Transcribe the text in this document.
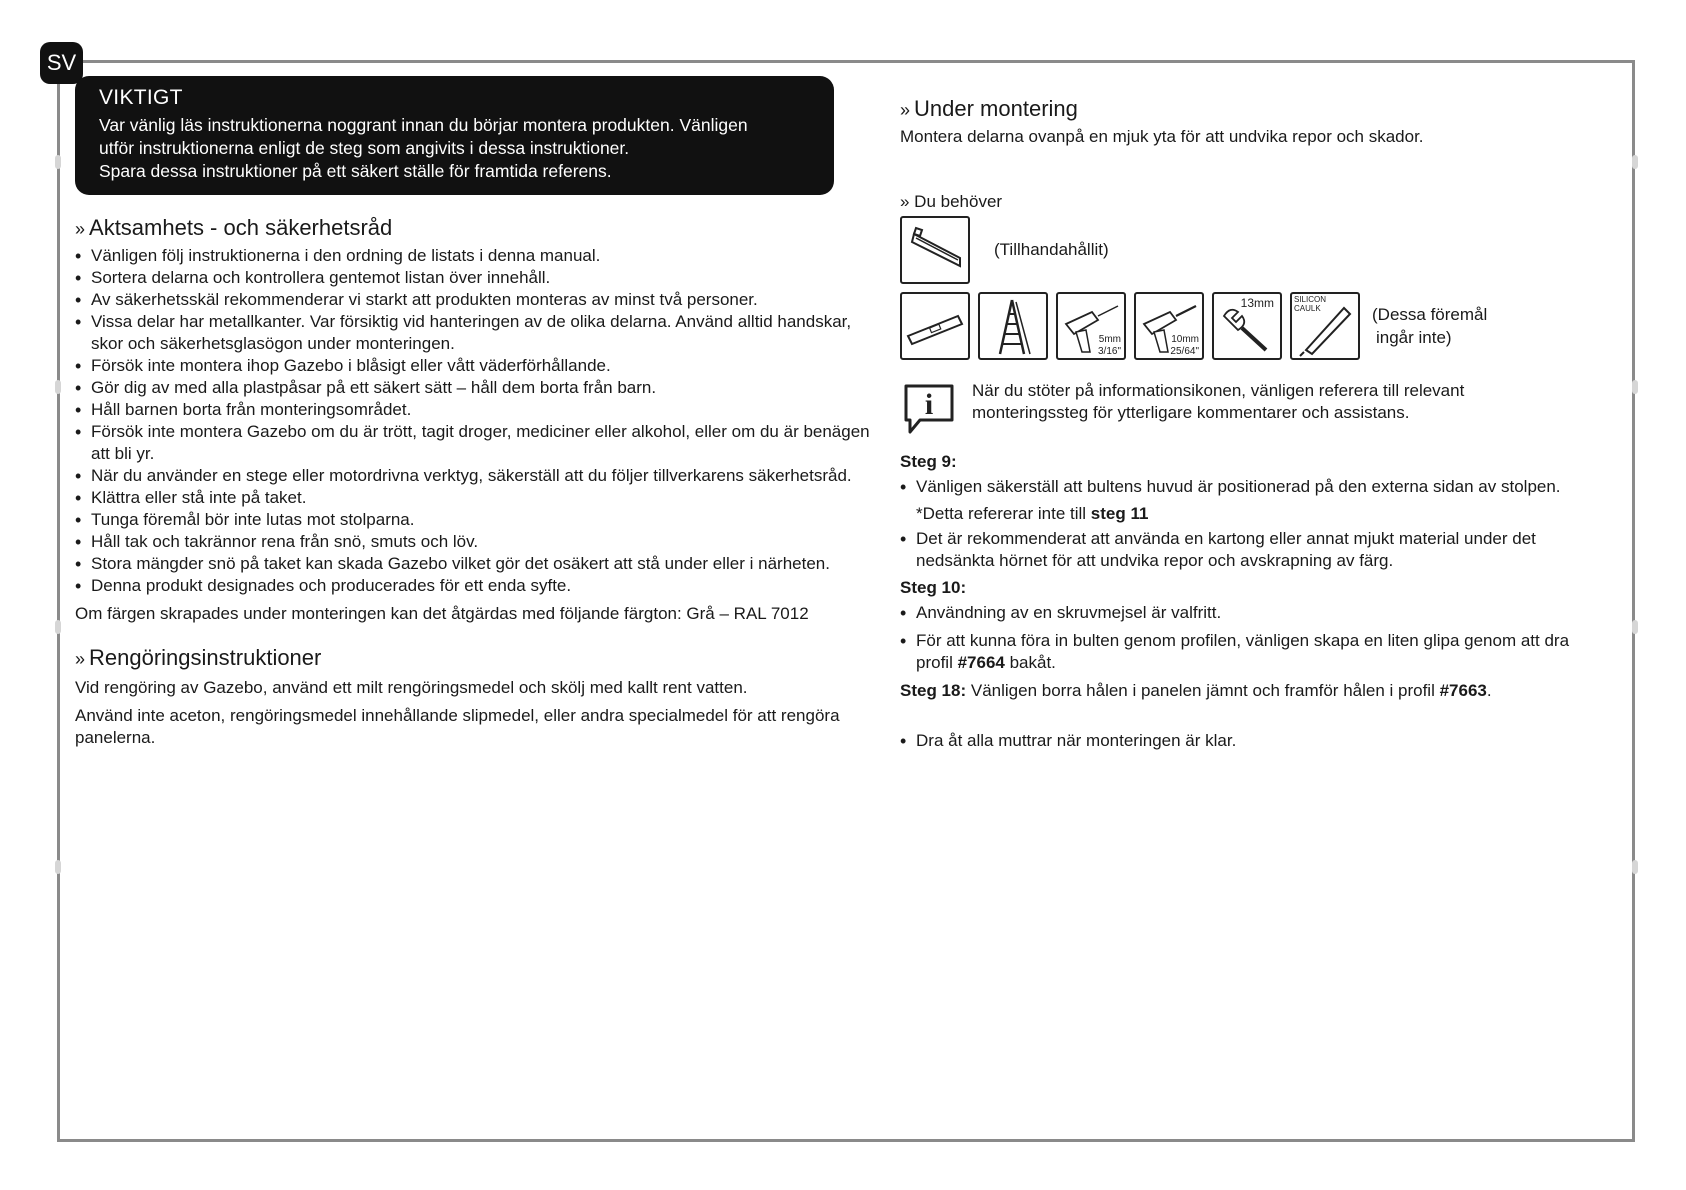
SV
VIKTIGT

Var vänlig läs instruktionerna noggrant innan du börjar montera produkten. Vänligen

utför instruktionerna enligt de steg som angivits i dessa instruktioner.

Spara dessa instruktioner på ett säkert ställe för framtida referens.

» Aktsamhets - och säkerhetsråd
• Vänligen följ instruktionerna i den ordning de listats i denna manual.
• Sortera delarna och kontrollera gentemot listan över innehåll.
• Av säkerhetsskäl rekommenderar vi starkt att produkten monteras av minst två personer.
• Vissa delar har metallkanter. Var försiktig vid hanteringen av de olika delarna. Använd alltid handskar, skor och säkerhetsglasögon under monteringen.
• Försök inte montera ihop Gazebo i blåsigt eller vått väderförhållande.
• Gör dig av med alla plastpåsar på ett säkert sätt – håll dem borta från barn.
• Håll barnen borta från monteringsområdet.
• Försök inte montera Gazebo om du är trött, tagit droger, mediciner eller alkohol, eller om du är benägen att bli yr.
• När du använder en stege eller motordrivna verktyg, säkerställ att du följer tillverkarens säkerhetsråd.
• Klättra eller stå inte på taket.
• Tunga föremål bör inte lutas mot stolparna.
• Håll tak och takrännor rena från snö, smuts och löv.
• Stora mängder snö på taket kan skada Gazebo vilket gör det osäkert att stå under eller i närheten.
• Denna produkt designades och producerades för ett enda syfte.

Om färgen skrapades under monteringen kan det åtgärdas med följande färgton: Grå – RAL 7012

» Rengöringsinstruktioner

Vid rengöring av Gazebo, använd ett milt rengöringsmedel och skölj med kallt rent vatten.

Använd inte aceton, rengöringsmedel innehållande slipmedel, eller andra specialmedel för att rengöra panelerna.

» Under montering

Montera delarna ovanpå en mjuk yta för att undvika repor och skador.

» Du behöver
(Tillhandahållit)
5mm
3/16"
10mm
25/64"
13mm	SILICON
CAULK	(Dessa föremål
ingår inte)
i När du stöter på informationsikonen, vänligen referera till relevant
monteringssteg för ytterligare kommentarer och assistans.
Steg 9:
• Vänligen säkerställ att bultens huvud är positionerad på den externa sidan av stolpen.
*Detta refererar inte till steg 11
• Det är rekommenderat att använda en kartong eller annat mjukt material under det nedsänkta hörnet för att undvika repor och avskrapning av färg.
Steg 10:
• Användning av en skruvmejsel är valfritt.
• För att kunna föra in bulten genom profilen, vänligen skapa en liten glipa genom att dra profil #7664 bakåt.

Steg 18: Vänligen borra hålen i panelen jämnt och framför hålen i profil #7663.

• Dra åt alla muttrar när monteringen är klar.
